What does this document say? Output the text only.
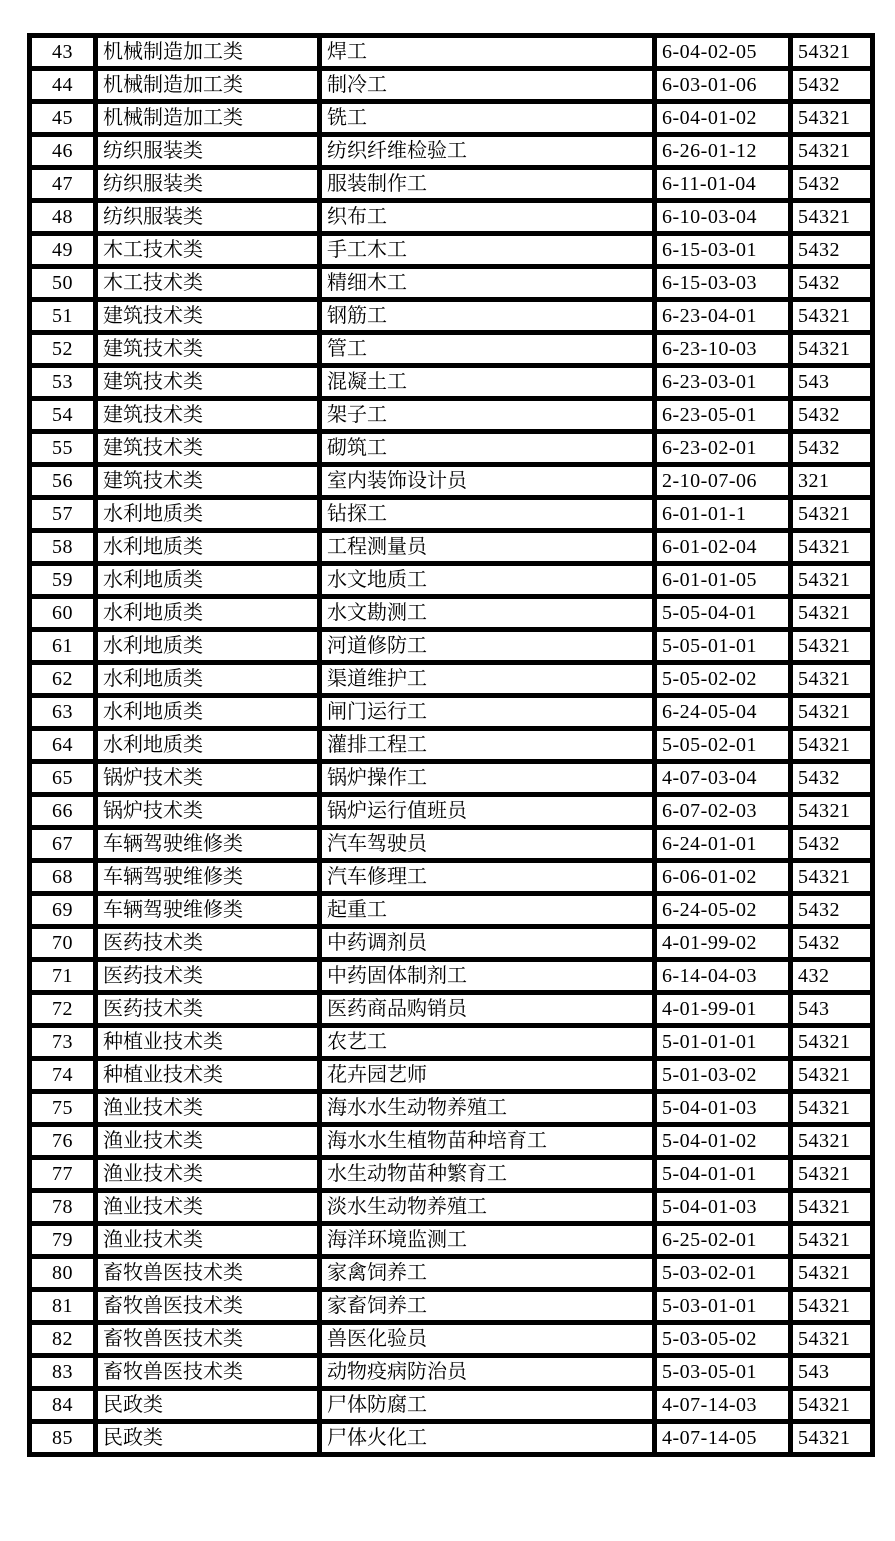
43	机械制造加工类	焊工	6-04-02-05	54321
44	机械制造加工类	制冷工	6-03-01-06	5432
45	机械制造加工类	铣工	6-04-01-02	54321
46	纺织服装类	纺织纤维检验工	6-26-01-12	54321
47	纺织服装类	服装制作工	6-11-01-04	5432
48	纺织服装类	织布工	6-10-03-04	54321
49	木工技术类	手工木工	6-15-03-01	5432
50	木工技术类	精细木工	6-15-03-03	5432
51	建筑技术类	钢筋工	6-23-04-01	54321
52	建筑技术类	管工	6-23-10-03	54321
53	建筑技术类	混凝土工	6-23-03-01	543
54	建筑技术类	架子工	6-23-05-01	5432
55	建筑技术类	砌筑工	6-23-02-01	5432
56	建筑技术类	室内装饰设计员	2-10-07-06	321
57	水利地质类	钻探工	6-01-01-1	54321
58	水利地质类	工程测量员	6-01-02-04	54321
59	水利地质类	水文地质工	6-01-01-05	54321
60	水利地质类	水文勘测工	5-05-04-01	54321
61	水利地质类	河道修防工	5-05-01-01	54321
62	水利地质类	渠道维护工	5-05-02-02	54321
63	水利地质类	闸门运行工	6-24-05-04	54321
64	水利地质类	灌排工程工	5-05-02-01	54321
65	锅炉技术类	锅炉操作工	4-07-03-04	5432
66	锅炉技术类	锅炉运行值班员	6-07-02-03	54321
67	车辆驾驶维修类	汽车驾驶员	6-24-01-01	5432
68	车辆驾驶维修类	汽车修理工	6-06-01-02	54321
69	车辆驾驶维修类	起重工	6-24-05-02	5432
70	医药技术类	中药调剂员	4-01-99-02	5432
71	医药技术类	中药固体制剂工	6-14-04-03	432
72	医药技术类	医药商品购销员	4-01-99-01	543
73	种植业技术类	农艺工	5-01-01-01	54321
74	种植业技术类	花卉园艺师	5-01-03-02	54321
75	渔业技术类	海水水生动物养殖工	5-04-01-03	54321
76	渔业技术类	海水水生植物苗种培育工	5-04-01-02	54321
77	渔业技术类	水生动物苗种繁育工	5-04-01-01	54321
78	渔业技术类	淡水生动物养殖工	5-04-01-03	54321
79	渔业技术类	海洋环境监测工	6-25-02-01	54321
80	畜牧兽医技术类	家禽饲养工	5-03-02-01	54321
81	畜牧兽医技术类	家畜饲养工	5-03-01-01	54321
82	畜牧兽医技术类	兽医化验员	5-03-05-02	54321
83	畜牧兽医技术类	动物疫病防治员	5-03-05-01	543
84	民政类	尸体防腐工	4-07-14-03	54321
85	民政类	尸体火化工	4-07-14-05	54321
